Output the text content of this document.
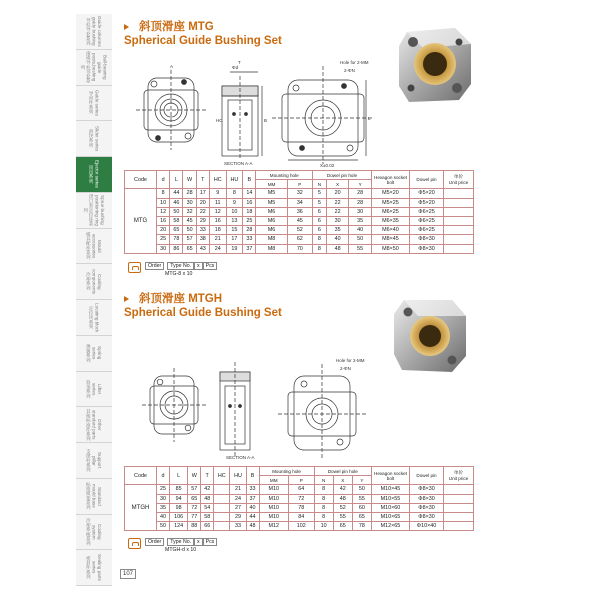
Guide columns
guide bushing
导柱导套系列
Ball-bearing guide
posts,bushing
滚珠导柱导套系列
Guide series
导向件系列
Slider series
滑块系列
Ejector series
顶出系列
Sprue bushing
positioning ring
浇口套定位环系列
Mould
accessories
模具配件系列
Cooling components
冷却系列
Locating block
定位块系列
Spring
series
弹簧系列
Lifter
series
斜顶系列
Other
standard parts
其他标准件系列
Support
pillar
支撑柱系列
Standard
mould base
标准模架系列
Cooling
system
冷却系统系列
Sealing parts
series
密封件系列
斜顶滑座 MTG
Spherical Guide Bushing Set
SECTION A-A
Hole for 2-MM
2-ΦN
Φd
T
L
X±0.02
B
HC
A
Code	d	L	W	T	HC	HU	B	Mounting hole		Dowel pin hole			Hexagon socket bolt	Dowel pin	单价
Unit price
								MM	P	N	X	Y			
MTG	8	44	28	17	9	8	14	M5	32	5	20	28	M5×20	Φ5×20	
	10	46	30	20	11	9	16	M5	34	5	22	28	M5×25	Φ5×20	
	12	50	32	22	12	10	18	M6	36	6	22	30	M6×25	Φ6×25	
	16	58	45	29	16	13	25	M6	45	6	30	35	M6×35	Φ6×25	
	20	65	50	33	18	15	28	M6	52	6	35	40	M6×40	Φ6×25	
	25	78	57	38	21	17	33	M8	62	8	40	50	M8×45	Φ8×30	
	30	86	65	43	24	19	37	M8	70	8	48	55	M8×50	Φ8×30	
Order	Type No.	x	Pcs
MTG-8 x 10
斜顶滑座 MTGH
Spherical Guide Bushing Set
SECTION A-A
Hole for 2-MM
2-ΦN
Code	d	L	W	T	HC	HU	B	Mounting hole		Dowel pin hole			Hexagon socket bolt	Dowel pin	单价
Unit price
								MM	P	N	X	Y			
MTGH	25	85	57	42		21	33	M10	64	8	42	50	M10×45	Φ8×30	
	30	94	65	48		24	37	M10	72	8	48	55	M10×55	Φ8×30	
	35	98	72	54		27	40	M10	78	8	52	60	M10×60	Φ8×30	
	40	106	77	58		29	44	M10	84	8	55	65	M10×65	Φ8×30	
	50	124	88	66		33	48	M12	102	10	65	78	M12×65	Φ10×40	
Order	Type No.	x	Pcs
MTGH-d x 10
107
